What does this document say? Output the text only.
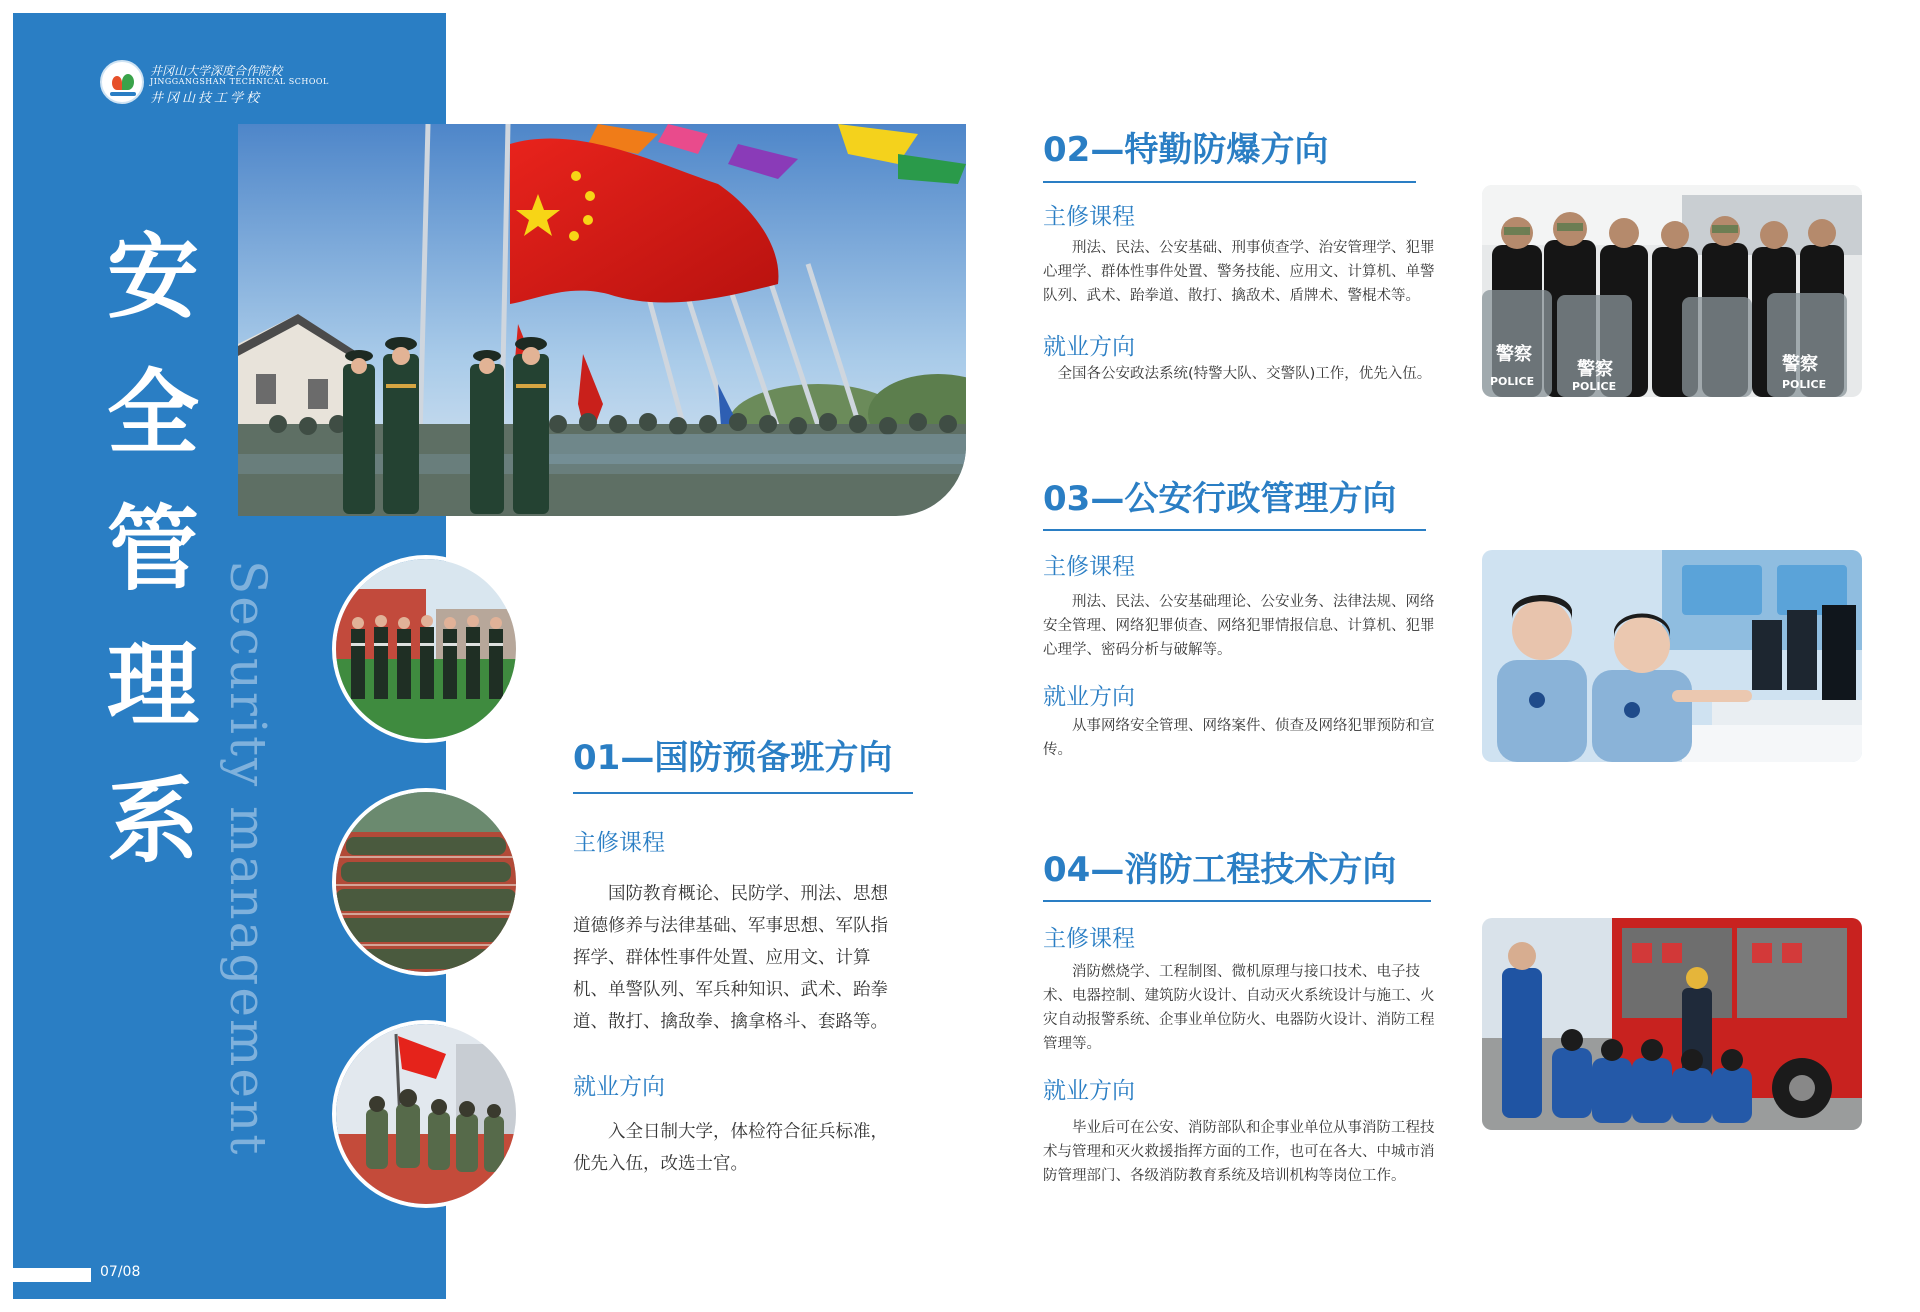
井冈山大学深度合作院校
JINGGANGSHAN TECHNICAL SCHOOL
井冈山技工学校
安
全
管
理
系
07/08
Security management	01—国防预备班方向
主修课程
国防教育概论、民防学、刑法、思想道德修养与法律基础、军事思想、军队指挥学、群体性事件处置、应用文、计算机、单警队列、军兵种知识、武术、跆拳道、散打、擒敌拳、擒拿格斗、套路等。
就业方向
入全日制大学，体检符合征兵标准，优先入伍，改选士官。
02—特勤防爆方向
主修课程
刑法、民法、公安基础、刑事侦查学、治安管理学、犯罪心理学、群体性事件处置、警务技能、应用文、计算机、单警队列、武术、跆拳道、散打、擒敌术、盾牌术、警棍术等。
就业方向
全国各公安政法系统(特警大队、交警队)工作，优先入伍。
警察
警察	警察
POLICE	POLICE	POLICE
03—公安行政管理方向
主修课程
刑法、民法、公安基础理论、公安业务、法律法规、网络安全管理、网络犯罪侦查、网络犯罪情报信息、计算机、犯罪心理学、密码分析与破解等。
就业方向
从事网络安全管理、网络案件、侦查及网络犯罪预防和宣传。
04—消防工程技术方向
主修课程
消防燃烧学、工程制图、微机原理与接口技术、电子技术、电器控制、建筑防火设计、自动灭火系统设计与施工、火灾自动报警系统、企事业单位防火、电器防火设计、消防工程管理等。
就业方向
毕业后可在公安、消防部队和企事业单位从事消防工程技术与管理和灭火救援指挥方面的工作，也可在各大、中城市消防管理部门、各级消防教育系统及培训机构等岗位工作。
